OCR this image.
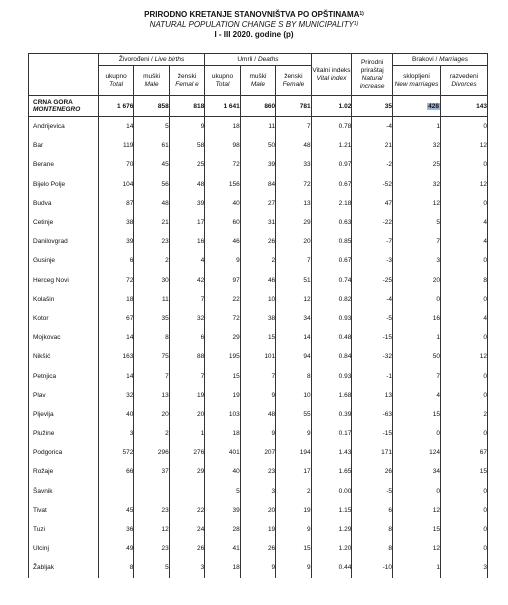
PRIRODNO KRETANJE STANOVNIŠTVA PO OPŠTINAMA$^{1)}$
NATURAL POPULATION CHANGE S BY MUNICIPALITY$^{1)}$
I - III 2020. godine (p)
	Živorođeni / Live births			Umrli / Deaths			Vitalni indeks
Vital index	Prirodni priraštaj
Natural increase	Brakovi / Marriages	

	ukupno
Total	muški
Male	ženski
Femal e	ukupno
Total	muški
Male	ženski
Female			sklopljeni
New marriages	razvedeni
Divorces

CRNA GORA
MONTENEGRO	1 676	858	818	1 641	860	781	1.02	35	428	143
Andrijevica	14	5	9	18	11	7	0.78	-4	1	0
Bar	119	61	58	98	50	48	1.21	21	32	12
Berane	70	45	25	72	39	33	0.97	-2	25	0
Bijelo Polje	104	56	48	156	84	72	0.67	-52	32	12
Budva	87	48	39	40	27	13	2.18	47	12	0
Cetinje	38	21	17	60	31	29	0.63	-22	5	4
Danilovgrad	39	23	16	46	26	20	0.85	-7	7	4
Gusinje	6	2	4	9	2	7	0.67	-3	3	0
Herceg Novi	72	30	42	97	46	51	0.74	-25	20	8
Kolašin	18	11	7	22	10	12	0.82	-4	0	0
Kotor	67	35	32	72	38	34	0.93	-5	16	4
Mojkovac	14	8	6	29	15	14	0.48	-15	1	0
Nikšić	163	75	88	195	101	94	0.84	-32	50	12
Petnjica	14	7	7	15	7	8	0.93	-1	7	0
Plav	32	13	19	19	9	10	1.68	13	4	0
Pljevlja	40	20	20	103	48	55	0.39	-63	15	2
Plužine	3	2	1	18	9	9	0.17	-15	0	0
Podgorica	572	296	276	401	207	194	1.43	171	124	67
Rožaje	66	37	29	40	23	17	1.65	26	34	15
Šavnik				5	3	2	0.00	-5	0	0
Tivat	45	23	22	39	20	19	1.15	6	12	0
Tuzi	36	12	24	28	19	9	1.29	8	15	0
Ulcinj	49	23	26	41	26	15	1.20	8	12	0
Žabljak	8	5	3	18	9	9	0.44	-10	1	3
